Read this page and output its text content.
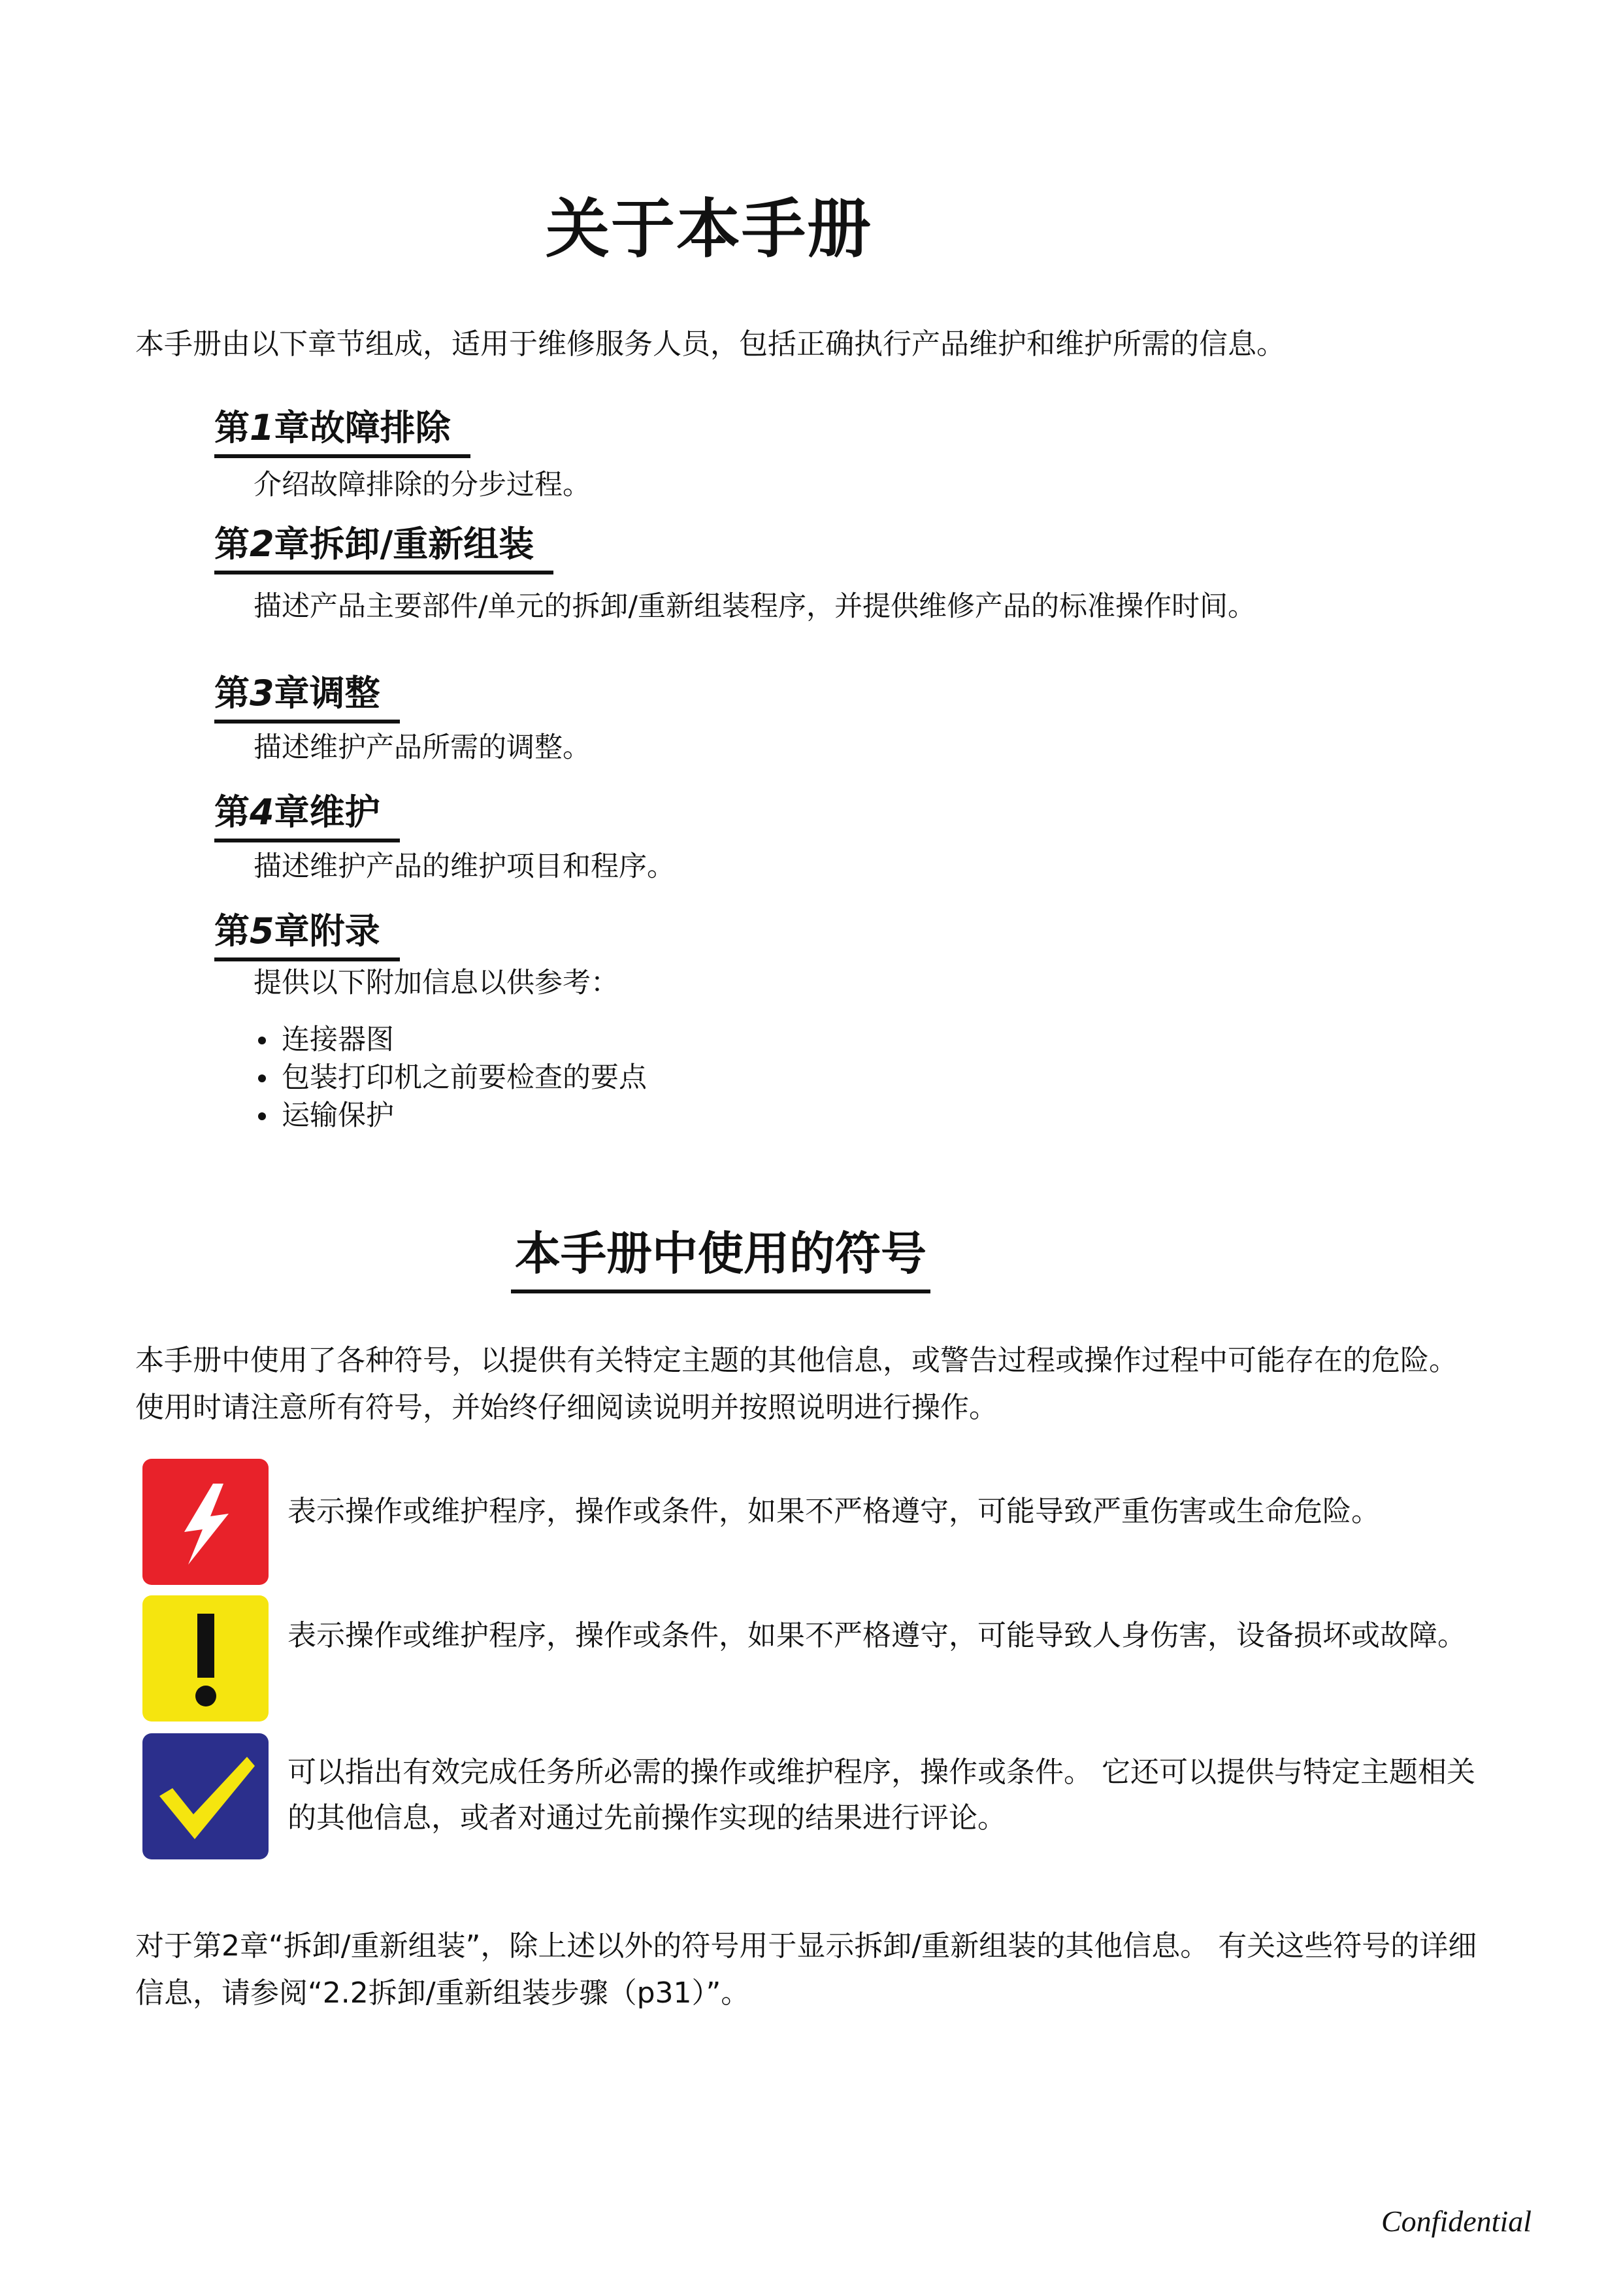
关于本手册
本手册由以下章节组成，适用于维修服务人员，包括正确执行产品维护和维护所需的信息。
第1章故障排除
介绍故障排除的分步过程。
第2章拆卸/重新组装
描述产品主要部件/单元的拆卸/重新组装程序，并提供维修产品的标准操作时间。
第3章调整
描述维护产品所需的调整。
第4章维护
描述维护产品的维护项目和程序。
第5章附录
提供以下附加信息以供参考：
连接器图
包装打印机之前要检查的要点
运输保护
本手册中使用的符号
本手册中使用了各种符号，以提供有关特定主题的其他信息，或警告过程或操作过程中可能存在的危险。 使用时请注意所有符号，并始终仔细阅读说明并按照说明进行操作。
表示操作或维护程序，操作或条件，如果不严格遵守，可能导致严重伤害或生命危险。
表示操作或维护程序，操作或条件，如果不严格遵守，可能导致人身伤害，设备损坏或故障。
可以指出有效完成任务所必需的操作或维护程序，操作或条件。 它还可以提供与特定主题相关的其他信息，或者对通过先前操作实现的结果进行评论。
对于第2章“拆卸/重新组装”，除上述以外的符号用于显示拆卸/重新组装的其他信息。 有关这些符号的详细信息，请参阅“2.2拆卸/重新组装步骤（p31）”。
Confidential
